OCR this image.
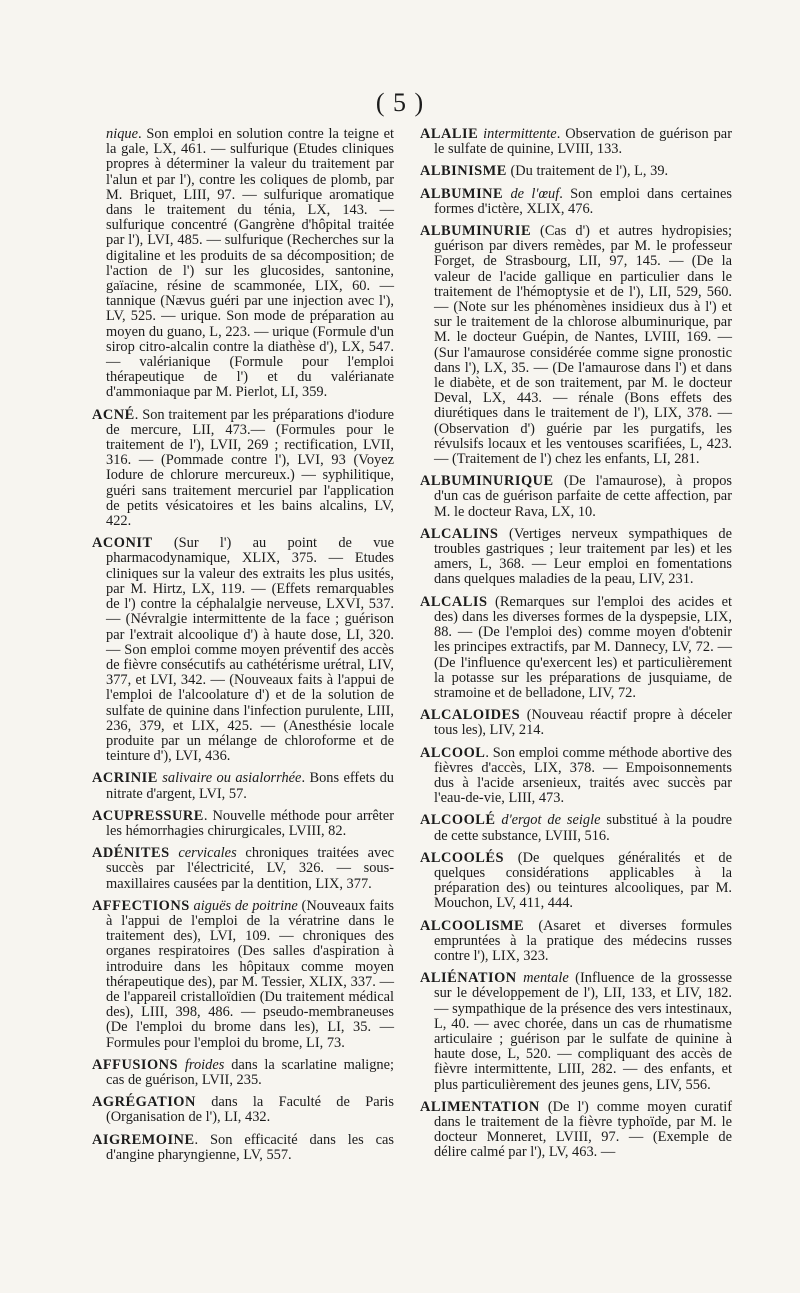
( 5 )
nique. Son emploi en solution contre la teigne et la gale, LX, 461. — sulfurique (Etudes cliniques propres à déterminer la valeur du traitement par l'alun et par l'), contre les coliques de plomb, par M. Briquet, LIII, 97. — sulfurique aromatique dans le traitement du ténia, LX, 143. — sulfurique concentré (Gangrène d'hôpital traitée par l'), LVI, 485. — sulfurique (Recherches sur la digitaline et les produits de sa décomposition; de l'action de l') sur les glucosides, santonine, gaïacine, résine de scammonée, LIX, 60. — tannique (Nævus guéri par une injection avec l'), LV, 525. — urique. Son mode de préparation au moyen du guano, L, 223. — urique (Formule d'un sirop citro-alcalin contre la diathèse d'), LX, 547. — valérianique (Formule pour l'emploi thérapeutique de l') et du valérianate d'ammoniaque par M. Pierlot, LI, 359.
ACNÉ. Son traitement par les préparations d'iodure de mercure, LII, 473.— (Formules pour le traitement de l'), LVII, 269 ; rectification, LVII, 316. — (Pommade contre l'), LVI, 93 (Voyez Iodure de chlorure mercureux.) — syphilitique, guéri sans traitement mercuriel par l'application de petits vésicatoires et les bains alcalins, LV, 422.
ACONIT (Sur l') au point de vue pharmacodynamique, XLIX, 375. — Etudes cliniques sur la valeur des extraits les plus usités, par M. Hirtz, LX, 119. — (Effets remarquables de l') contre la céphalalgie nerveuse, LXVI, 537. — (Névralgie intermittente de la face ; guérison par l'extrait alcoolique d') à haute dose, LI, 320. — Son emploi comme moyen préventif des accès de fièvre consécutifs au cathétérisme urétral, LIV, 377, et LVI, 342. — (Nouveaux faits à l'appui de l'emploi de l'alcoolature d') et de la solution de sulfate de quinine dans l'infection purulente, LIII, 236, 379, et LIX, 425. — (Anesthésie locale produite par un mélange de chloroforme et de teinture d'), LVI, 436.
ACRINIE salivaire ou asialorrhée. Bons effets du nitrate d'argent, LVI, 57.
ACUPRESSURE. Nouvelle méthode pour arrêter les hémorrhagies chirurgicales, LVIII, 82.
ADÉNITES cervicales chroniques traitées avec succès par l'électricité, LV, 326. — sous-maxillaires causées par la dentition, LIX, 377.
AFFECTIONS aiguës de poitrine (Nouveaux faits à l'appui de l'emploi de la vératrine dans le traitement des), LVI, 109. — chroniques des organes respiratoires (Des salles d'aspiration à introduire dans les hôpitaux comme moyen thérapeutique des), par M. Tessier, XLIX, 337. — de l'appareil cristallοïdien (Du traitement médical des), LIII, 398, 486. — pseudo-membraneuses (De l'emploi du brome dans les), LI, 35. — Formules pour l'emploi du brome, LI, 73.
AFFUSIONS froides dans la scarlatine maligne; cas de guérison, LVII, 235.
AGRÉGATION dans la Faculté de Paris (Organisation de l'), LI, 432.
AIGREMOINE. Son efficacité dans les cas d'angine pharyngienne, LV, 557.
ALALIE intermittente. Observation de guérison par le sulfate de quinine, LVIII, 133.
ALBINISME (Du traitement de l'), L, 39.
ALBUMINE de l'œuf. Son emploi dans certaines formes d'ictère, XLIX, 476.
ALBUMINURIE (Cas d') et autres hydropisies; guérison par divers remèdes, par M. le professeur Forget, de Strasbourg, LII, 97, 145. — (De la valeur de l'acide gallique en particulier dans le traitement de l'hémoptysie et de l'), LII, 529, 560. — (Note sur les phénomènes insidieux dus à l') et sur le traitement de la chlorose albuminurique, par M. le docteur Guépin, de Nantes, LVIII, 169. — (Sur l'amaurose considérée comme signe pronostic dans l'), LX, 35. — (De l'amaurose dans l') et dans le diabète, et de son traitement, par M. le docteur Deval, LX, 443. — rénale (Bons effets des diurétiques dans le traitement de l'), LIX, 378. — (Observation d') guérie par les purgatifs, les révulsifs locaux et les ventouses scarifiées, L, 423. — (Traitement de l') chez les enfants, LI, 281.
ALBUMINURIQUE (De l'amaurose), à propos d'un cas de guérison parfaite de cette affection, par M. le docteur Rava, LX, 10.
ALCALINS (Vertiges nerveux sympathiques de troubles gastriques ; leur traitement par les) et les amers, L, 368. — Leur emploi en fomentations dans quelques maladies de la peau, LIV, 231.
ALCALIS (Remarques sur l'emploi des acides et des) dans les diverses formes de la dyspepsie, LIX, 88. — (De l'emploi des) comme moyen d'obtenir les principes extractifs, par M. Dannecy, LV, 72. — (De l'influence qu'exercent les) et particulièrement la potasse sur les préparations de jusquiame, de stramoine et de belladone, LIV, 72.
ALCALOIDES (Nouveau réactif propre à déceler tous les), LIV, 214.
ALCOOL. Son emploi comme méthode abortive des fièvres d'accès, LIX, 378. — Empoisonnements dus à l'acide arsenieux, traités avec succès par l'eau-de-vie, LIII, 473.
ALCOOLÉ d'ergot de seigle substitué à la poudre de cette substance, LVIII, 516.
ALCOOLÉS (De quelques généralités et de quelques considérations applicables à la préparation des) ou teintures alcooliques, par M. Mouchon, LV, 411, 444.
ALCOOLISME (Asaret et diverses formules empruntées à la pratique des médecins russes contre l'), LIX, 323.
ALIÉNATION mentale (Influence de la grossesse sur le développement de l'), LII, 133, et LIV, 182. — sympathique de la présence des vers intestinaux, L, 40. — avec chorée, dans un cas de rhumatisme articulaire ; guérison par le sulfate de quinine à haute dose, L, 520. — compliquant des accès de fièvre intermittente, LIII, 282. — des enfants, et plus particulièrement des jeunes gens, LIV, 556.
ALIMENTATION (De l') comme moyen curatif dans le traitement de la fièvre typhoïde, par M. le docteur Monneret, LVIII, 97. — (Exemple de délire calmé par l'), LV, 463. —
